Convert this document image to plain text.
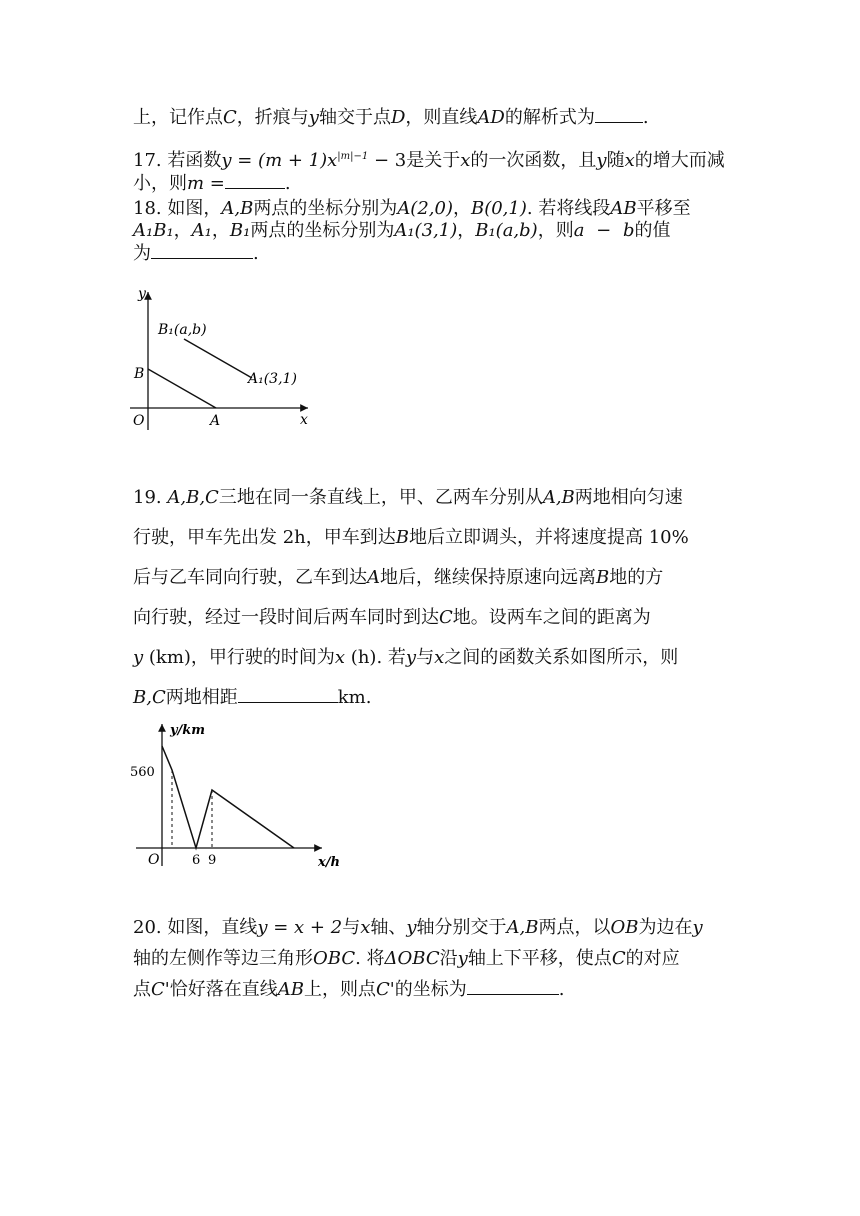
上，记作点C，折痕与y轴交于点D，则直线AD的解析式为	.

17. 若函数$y = (m + 1)x^{|m|-1} - 3$是关于x的一次函数，且y随x的增大而减

小，则m =	.

18. 如图，A,B两点的坐标分别为A(2,0)，B(0,1). 若将线段AB平移至

A₁B₁，A₁，B₁两点的坐标分别为A₁(3,1)，B₁(a,b)，则a − b的值

为	.

y
x
O
B
A
B₁(a,b)
A₁(3,1)

19. A,B,C三地在同一条直线上，甲、乙两车分别从A,B两地相向匀速

行驶，甲车先出发 2h，甲车到达B地后立即调头，并将速度提高 10%

后与乙车同向行驶，乙车到达A地后，继续保持原速向远离B地的方

向行驶，经过一段时间后两车同时到达C地。设两车之间的距离为

y (km)，甲行驶的时间为x (h). 若y与x之间的函数关系如图所示，则

B,C两地相距	km.

y/km
x/h
O
560
6 9

20. 如图，直线y = x + 2与x轴、y轴分别交于A,B两点，以OB为边在y

轴的左侧作等边三角形OBC. 将ΔOBC沿y轴上下平移，使点C的对应

点C'恰好落在直线AB上，则点C'的坐标为	.
